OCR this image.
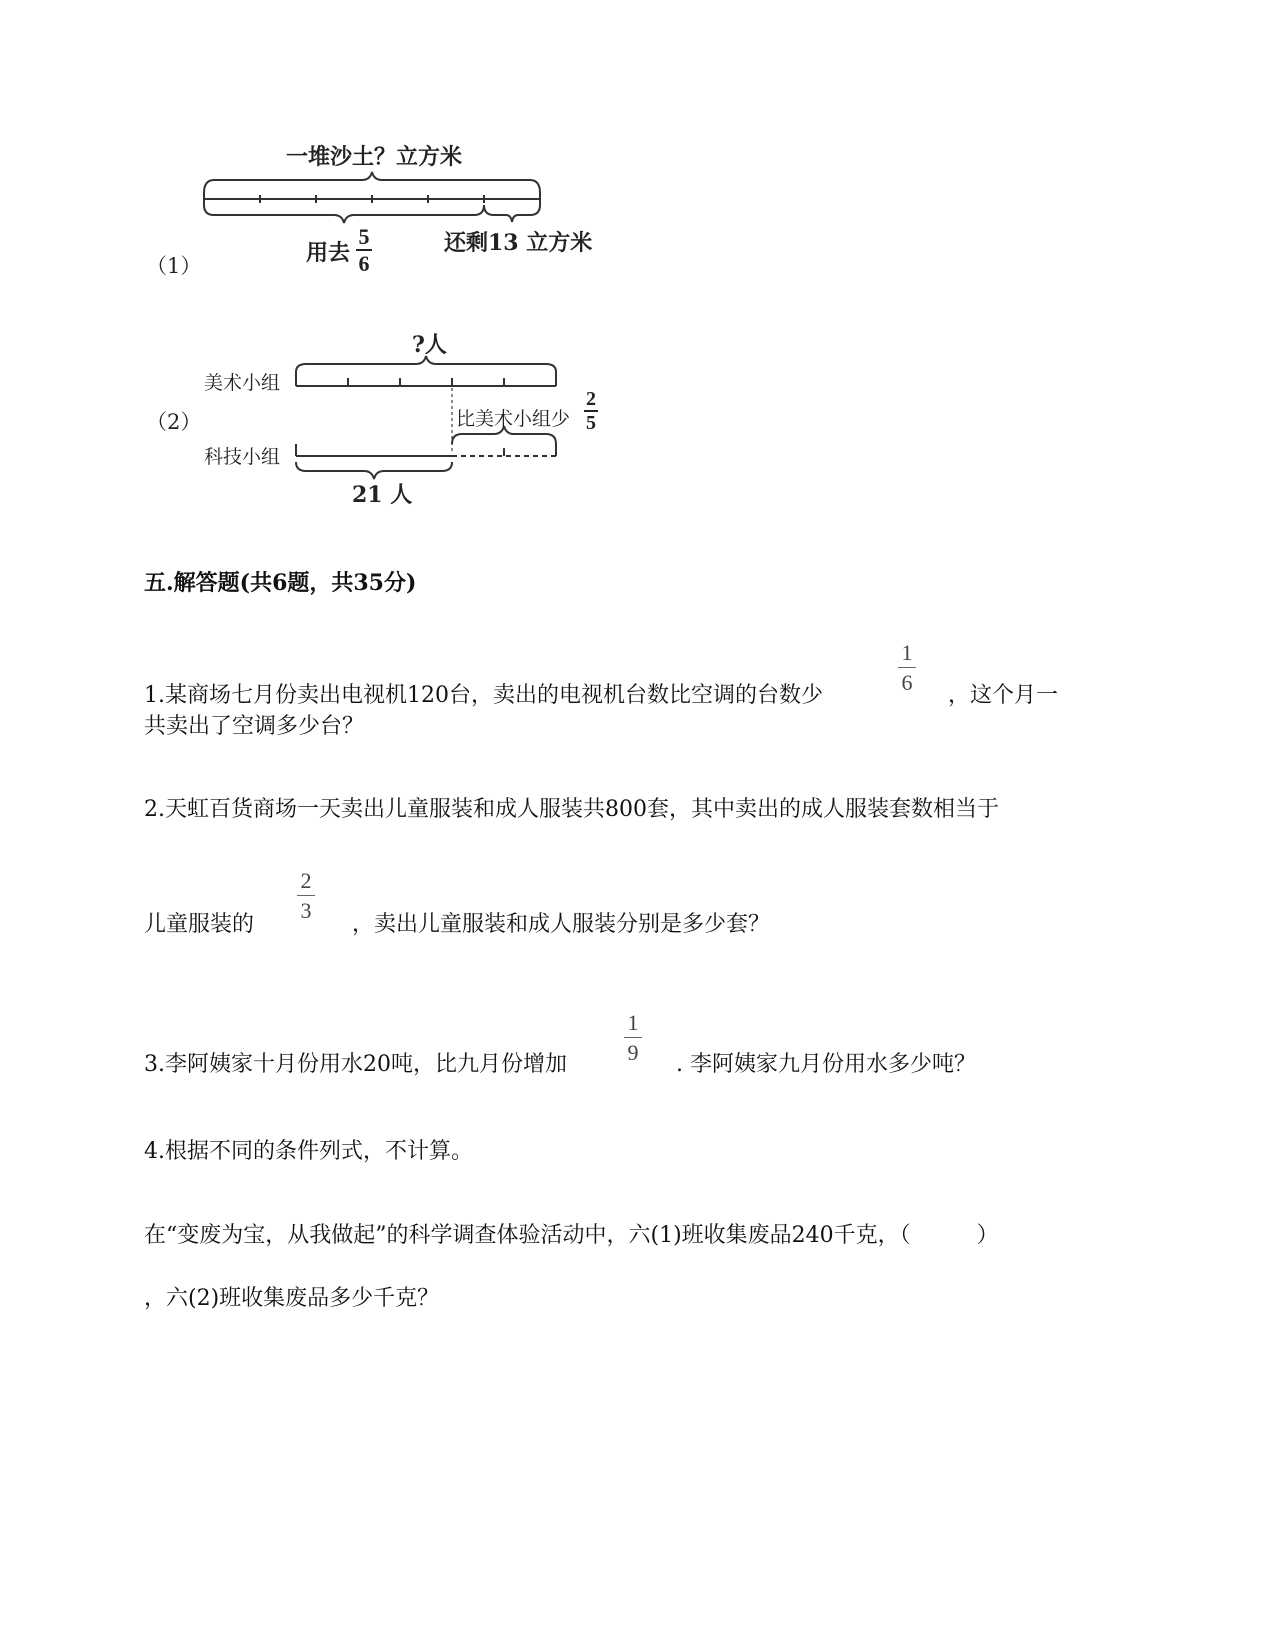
（1）
一堆沙土？立方米
用去
5
6
还剩13 立方米
（2）
?人
美术小组
科技小组
比美术小组少
2
5
21 人
五.解答题(共6题，共35分)
1.某商场七月份卖出电视机120台，卖出的电视机台数比空调的台数少
1
6
，这个月一
共卖出了空调多少台？
2.天虹百货商场一天卖出儿童服装和成人服装共800套，其中卖出的成人服装套数相当于
儿童服装的
2
3
，卖出儿童服装和成人服装分别是多少套？
3.李阿姨家十月份用水20吨，比九月份增加
1
9 . 李阿姨家九月份用水多少吨？
4.根据不同的条件列式，不计算。
在“变废为宝，从我做起”的科学调查体验活动中，六(1)班收集废品240千克，（　　　）
，六(2)班收集废品多少千克？
